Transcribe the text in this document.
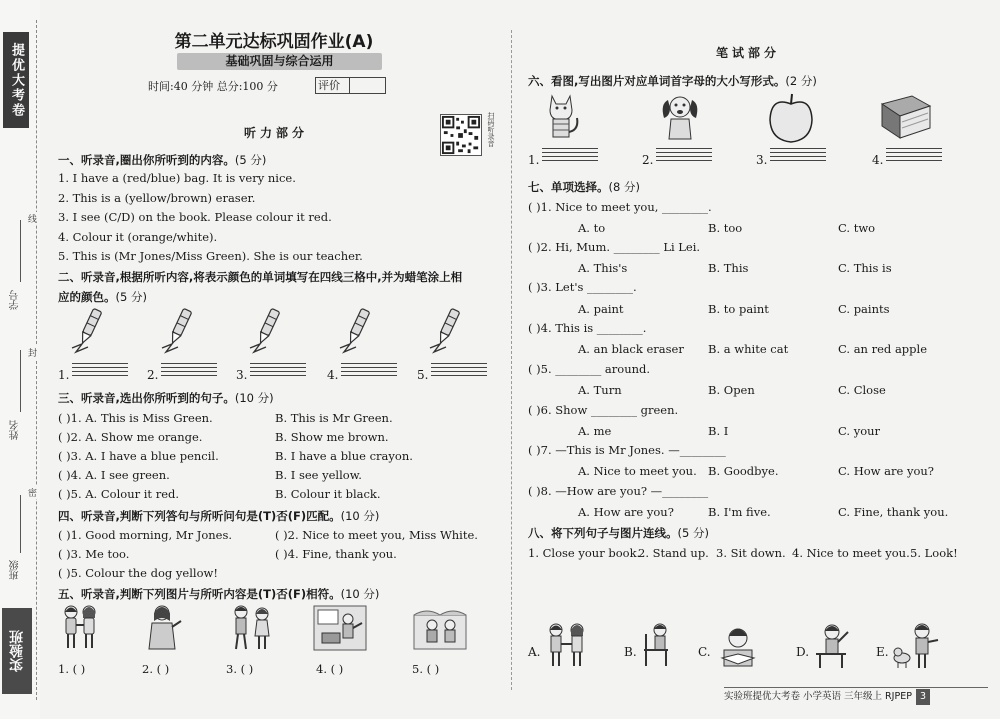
提优大考卷
线
封
密
学号
姓名
班级
实验班
第二单元达标巩固作业(A)
基础巩固与综合运用
时间:40 分钟 总分:100 分	评价
扫码听录音
听力部分
一、听录音,圈出你所听到的内容。(5 分)
1. I have a (red/blue) bag. It is very nice.
2. This is a (yellow/brown) eraser.
3. I see (C/D) on the book. Please colour it red.
4. Colour it (orange/white).
5. This is (Mr Jones/Miss Green). She is our teacher.
二、听录音,根据所听内容,将表示颜色的单词填写在四线三格中,并为蜡笔涂上相
应的颜色。(5 分)
1.	2.	3.	4.	5.
三、听录音,选出你所听到的句子。(10 分)
( )1. A. This is Miss Green.	B. This is Mr Green.
( )2. A. Show me orange.	B. Show me brown.
( )3. A. I have a blue pencil.	B. I have a blue crayon.
( )4. A. I see green.	B. I see yellow.
( )5. A. Colour it red.	B. Colour it black.
四、听录音,判断下列答句与所听问句是(T)否(F)匹配。(10 分)
( )1. Good morning, Mr Jones.	( )2. Nice to meet you, Miss White.
( )3. Me too.	( )4. Fine, thank you.
( )5. Colour the dog yellow!
五、听录音,判断下列图片与所听内容是(T)否(F)相符。(10 分)
1. ( )	2. ( )	3. ( )	4. ( )	5. ( )
笔试部分
六、看图,写出图片对应单词首字母的大小写形式。(2 分)
1.	2.	3.	4.
七、单项选择。(8 分)
( )1. Nice to meet you, ________.
A. to	B. too	C. two
( )2. Hi, Mum. ________ Li Lei.
A. This's	B. This	C. This is
( )3. Let's ________.
A. paint	B. to paint	C. paints
( )4. This is ________.
A. an black eraser B. a white cat	C. an red apple
( )5. ________ around.
A. Turn	B. Open	C. Close
( )6. Show ________ green.
A. me	B. I	C. your
( )7. —This is Mr Jones. —________
A. Nice to meet you. B. Goodbye.	C. How are you?
( )8. —How are you? —________
A. How are you?	B. I'm five.	C. Fine, thank you.
八、将下列句子与图片连线。(5 分)
1. Close your book.
2. Stand up. 3. Sit down. 4. Nice to meet you. 5. Look!
A.	B.	C.	D.	E.
实验班提优大考卷 小学英语 三年级上 RJPEP 3
